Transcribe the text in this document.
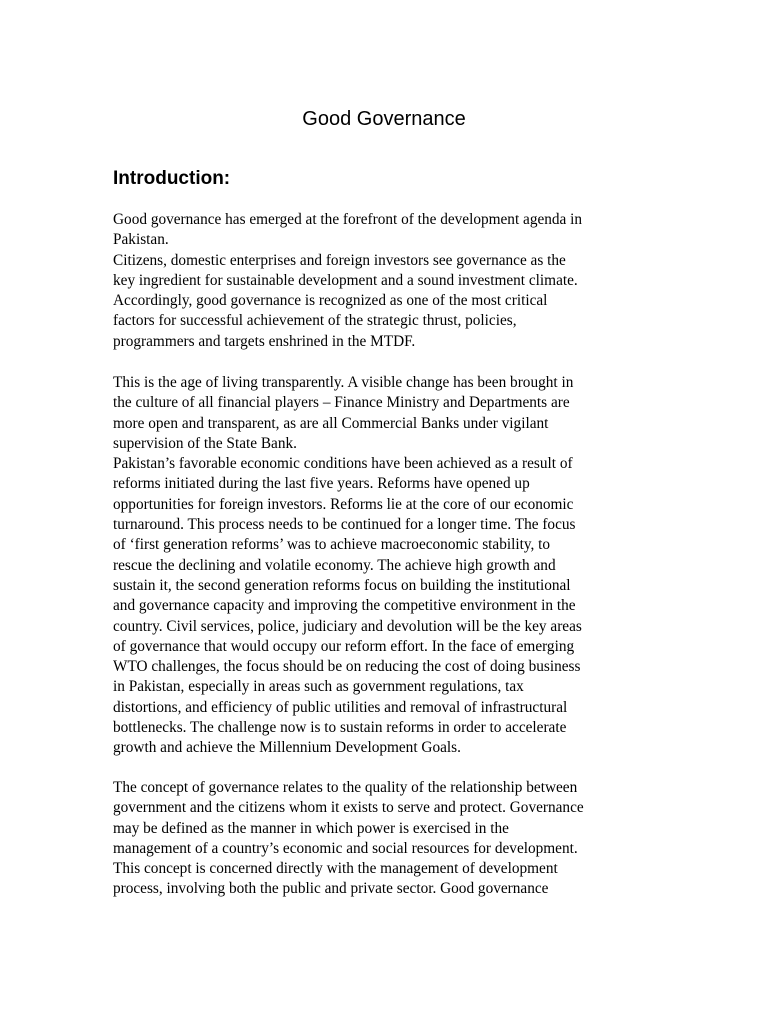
Good Governance
Introduction:
Good governance has emerged at the forefront of the development agenda in
Pakistan.
Citizens, domestic enterprises and foreign investors see governance as the
key ingredient for sustainable development and a sound investment climate.
Accordingly, good governance is recognized as one of the most critical
factors for successful achievement of the strategic thrust, policies,
programmers and targets enshrined in the MTDF.
This is the age of living transparently. A visible change has been brought in
the culture of all financial players – Finance Ministry and Departments are
more open and transparent, as are all Commercial Banks under vigilant
supervision of the State Bank.
Pakistan’s favorable economic conditions have been achieved as a result of
reforms initiated during the last five years. Reforms have opened up
opportunities for foreign investors. Reforms lie at the core of our economic
turnaround. This process needs to be continued for a longer time. The focus
of ‘first generation reforms’ was to achieve macroeconomic stability, to
rescue the declining and volatile economy. The achieve high growth and
sustain it, the second generation reforms focus on building the institutional
and governance capacity and improving the competitive environment in the
country. Civil services, police, judiciary and devolution will be the key areas
of governance that would occupy our reform effort. In the face of emerging
WTO challenges, the focus should be on reducing the cost of doing business
in Pakistan, especially in areas such as government regulations, tax
distortions, and efficiency of public utilities and removal of infrastructural
bottlenecks. The challenge now is to sustain reforms in order to accelerate
growth and achieve the Millennium Development Goals.
The concept of governance relates to the quality of the relationship between
government and the citizens whom it exists to serve and protect. Governance
may be defined as the manner in which power is exercised in the
management of a country’s economic and social resources for development.
This concept is concerned directly with the management of development
process, involving both the public and private sector. Good governance
